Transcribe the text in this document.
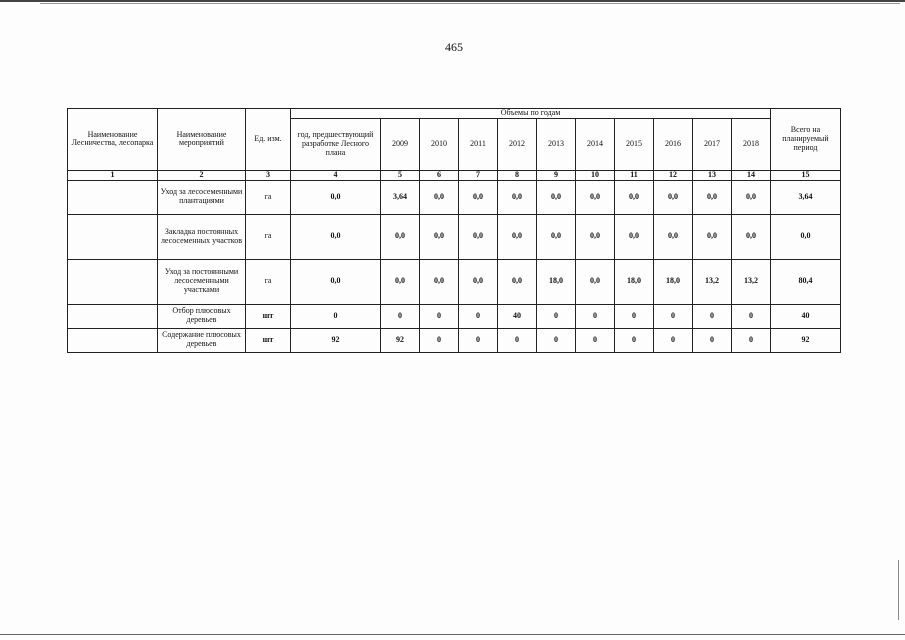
465
Наименование Лесничества, лесопарка	Наименование мероприятий	Ед. изм.	Объемы по годам											Всего на планируемый период
			год, предшествующий разработке Лесного плана	2009	2010	2011	2012	2013	2014	2015	2016	2017	2018	
1	2	3	4	5	6	7	8	9	10	11	12	13	14	15
	Уход за лесосеменными плантациями	га	0,0	3,64	0,0	0,0	0,0	0,0	0,0	0,0	0,0	0,0	0,0	3,64
	Закладка постоянных лесосеменных участков	га	0,0	0,0	0,0	0,0	0,0	0,0	0,0	0,0	0,0	0,0	0,0	0,0
	Уход за постоянными лесосеменными участками	га	0,0	0,0	0,0	0,0	0,0	18,0	0,0	18,0	18,0	13,2	13,2	80,4
	Отбор плюсовых деревьев	шт	0	0	0	0	40	0	0	0	0	0	0	40
	Содержание плюсовых деревьев	шт	92	92	0	0	0	0	0	0	0	0	0	92
